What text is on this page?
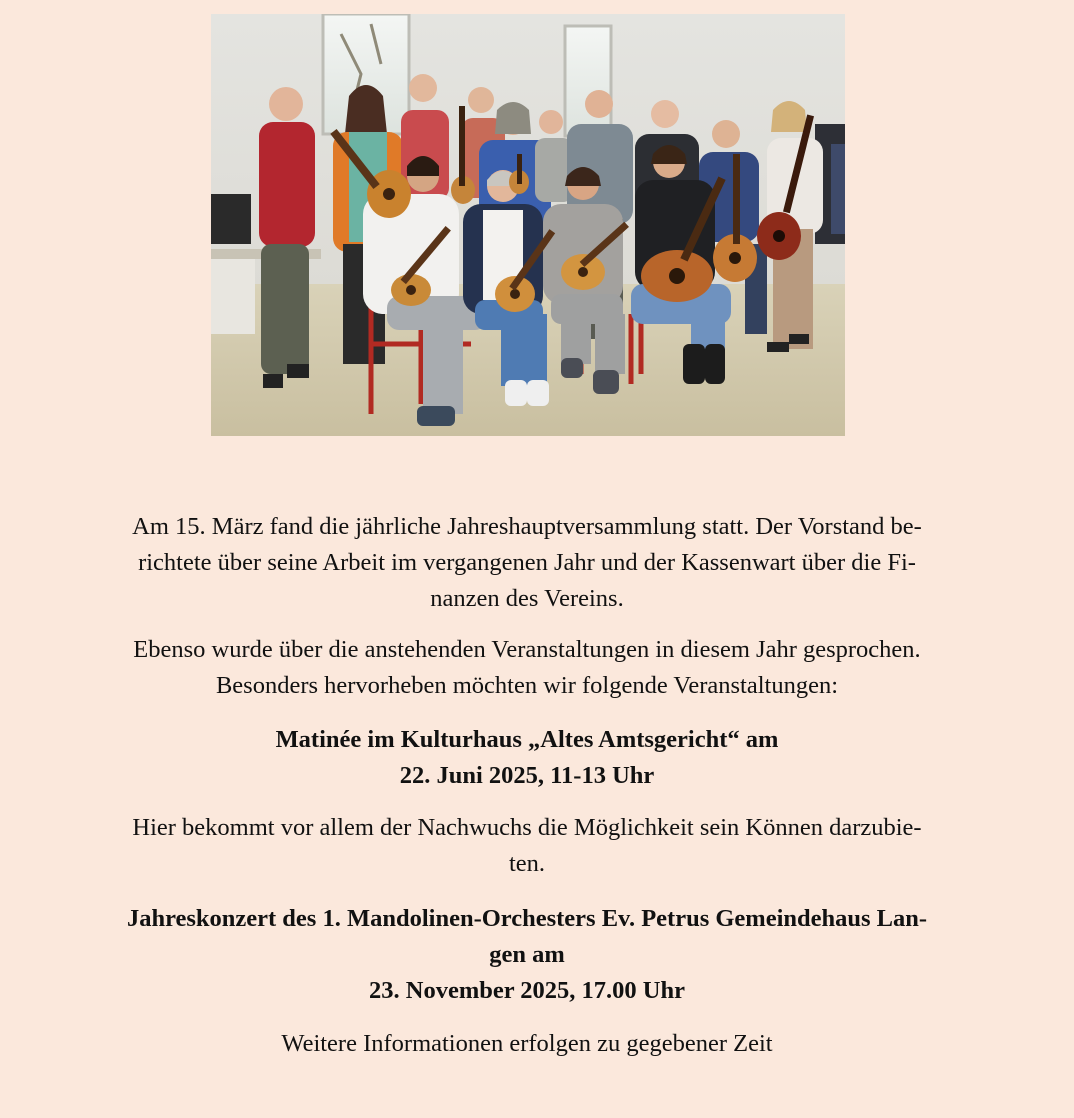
Am 15. März fand die jährliche Jahreshauptversammlung statt. Der Vorstand be-
richtete über seine Arbeit im vergangenen Jahr und der Kassenwart über die Fi-
nanzen des Vereins.

Ebenso wurde über die anstehenden Veranstaltungen in diesem Jahr gesprochen.
Besonders hervorheben möchten wir folgende Veranstaltungen:

Matinée im Kulturhaus „Altes Amtsgericht“ am
22. Juni 2025, 11-13 Uhr

Hier bekommt vor allem der Nachwuchs die Möglichkeit sein Können darzubie-
ten.

Jahreskonzert des 1. Mandolinen-Orchesters Ev. Petrus Gemeindehaus Lan-
gen am
23. November 2025, 17.00 Uhr

Weitere Informationen erfolgen zu gegebener Zeit
